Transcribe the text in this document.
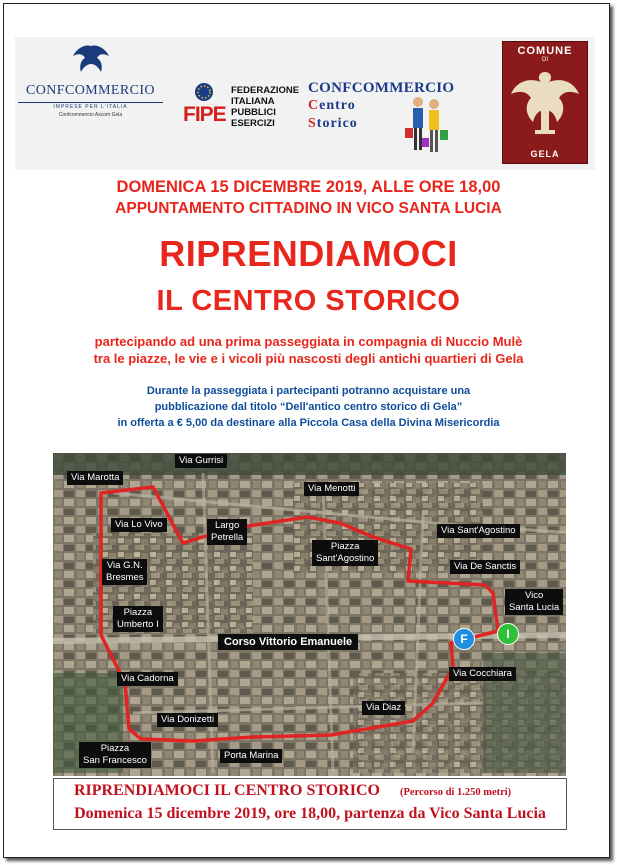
CONFCOMMERCIO
IMPRESE PER L'ITALIA
Confcommercio Ascom Gela	FIPE
FEDERAZIONE
ITALIANA
PUBBLICI
ESERCIZI
CONFCOMMERCIO
Centro
Storico
COMUNE
DI
GELA
DOMENICA 15 DICEMBRE 2019, ALLE ORE 18,00
APPUNTAMENTO CITTADINO IN VICO SANTA LUCIA
RIPRENDIAMOCI
IL CENTRO STORICO
partecipando ad una prima passeggiata in compagnia di Nuccio Mulè
tra le piazze, le vie e i vicoli più nascosti degli antichi quartieri di Gela
Durante la passeggiata i partecipanti potranno acquistare una
pubblicazione dal titolo “Dell'antico centro storico di Gela”
in offerta a € 5,00 da destinare alla Piccola Casa della Divina Misericordia
Via Gurrisi
Via Marotta
Via Menotti
Via Lo Vivo	Largo
Petrella
Via Sant'Agostino
Piazza
Sant'Agostino
Via G.N.
Bresmes
Via De Sanctis
Vico
Santa Lucia
Piazza
Umberto I
Corso Vittorio Emanuele
Via Cadorna	Via Cocchiara
Via Diaz
Via Donizetti
Piazza
San Francesco	Porta Marina
F	I
RIPRENDIAMOCI IL CENTRO STORICO (Percorso di 1.250 metri)
Domenica 15 dicembre 2019, ore 18,00, partenza da Vico Santa Lucia
